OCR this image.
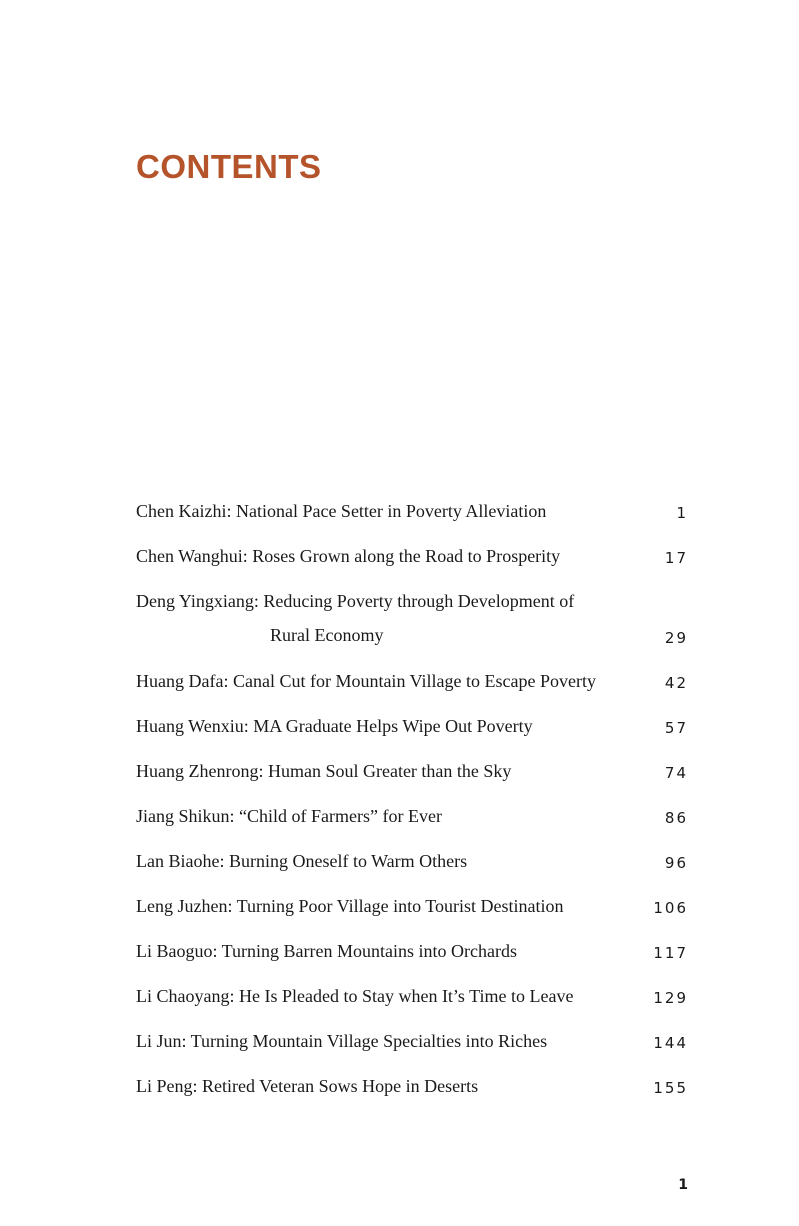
CONTENTS
Chen Kaizhi: National Pace Setter in Poverty Alleviation	1
Chen Wanghui: Roses Grown along the Road to Prosperity	17
Deng Yingxiang: Reducing Poverty through Development of
Rural Economy	29
Huang Dafa: Canal Cut for Mountain Village to Escape Poverty	42
Huang Wenxiu: MA Graduate Helps Wipe Out Poverty	57
Huang Zhenrong: Human Soul Greater than the Sky	74
Jiang Shikun: “Child of Farmers” for Ever	86
Lan Biaohe: Burning Oneself to Warm Others	96
Leng Juzhen: Turning Poor Village into Tourist Destination	106
Li Baoguo: Turning Barren Mountains into Orchards	117
Li Chaoyang: He Is Pleaded to Stay when It’s Time to Leave	129
Li Jun: Turning Mountain Village Specialties into Riches	144
Li Peng: Retired Veteran Sows Hope in Deserts	155
1
